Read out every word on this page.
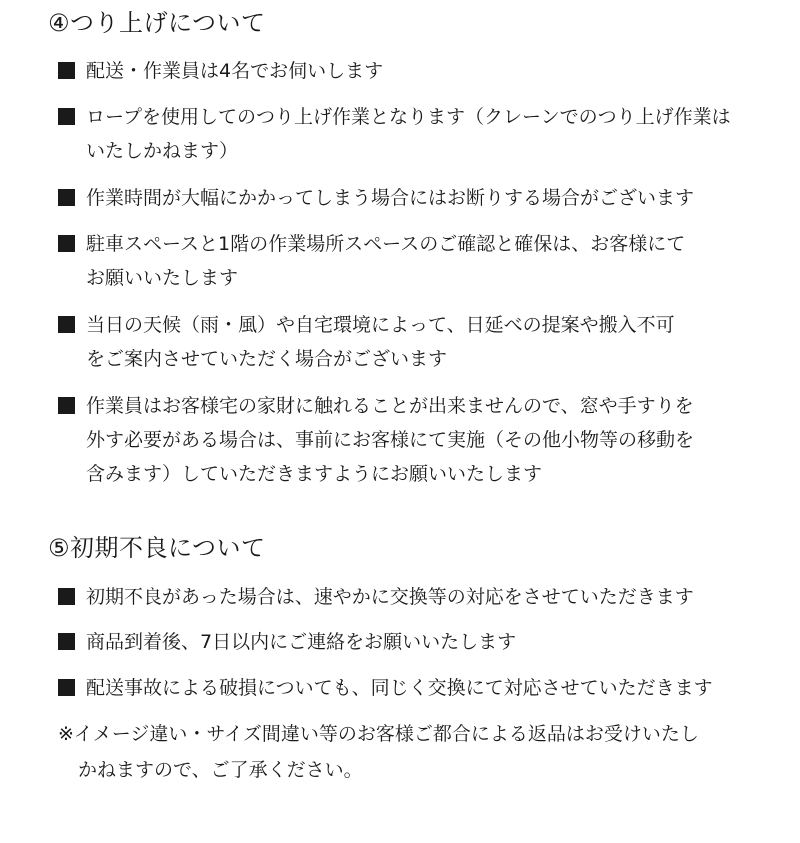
④つり上げについて
配送・作業員は4名でお伺いします
ロープを使用してのつり上げ作業となります（クレーンでのつり上げ作業は
いたしかねます）
作業時間が大幅にかかってしまう場合にはお断りする場合がございます
駐車スペースと1階の作業場所スペースのご確認と確保は、お客様にて
お願いいたします
当日の天候（雨・風）や自宅環境によって、日延べの提案や搬入不可
をご案内させていただく場合がございます
作業員はお客様宅の家財に触れることが出来ませんので、窓や手すりを
外す必要がある場合は、事前にお客様にて実施（その他小物等の移動を
含みます）していただきますようにお願いいたします
⑤初期不良について
初期不良があった場合は、速やかに交換等の対応をさせていただきます
商品到着後、7日以内にご連絡をお願いいたします
配送事故による破損についても、同じく交換にて対応させていただきます
※イメージ違い・サイズ間違い等のお客様ご都合による返品はお受けいたし
かねますので、ご了承ください。
